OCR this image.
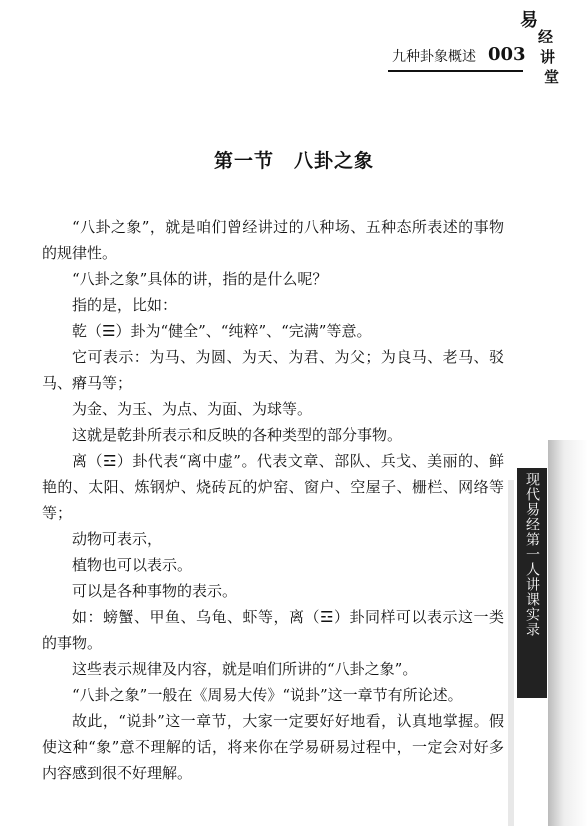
易
经
讲
堂
九种卦象概述 003
第一节　八卦之象

“八卦之象”，就是咱们曾经讲过的八种场、五种态所表述的事物的规律性。

“八卦之象”具体的讲，指的是什么呢？

指的是，比如：

乾（☰）卦为“健全”、“纯粹”、“完满”等意。

它可表示：为马、为圆、为天、为君、为父；为良马、老马、驳马、瘠马等；

为金、为玉、为点、为面、为球等。

这就是乾卦所表示和反映的各种类型的部分事物。

离（☲）卦代表“离中虚”。代表文章、部队、兵戈、美丽的、鲜艳的、太阳、炼钢炉、烧砖瓦的炉窑、窗户、空屋子、栅栏、网络等等；

动物可表示，

植物也可以表示。

可以是各种事物的表示。

如：螃蟹、甲鱼、乌龟、虾等，离（☲）卦同样可以表示这一类的事物。

这些表示规律及内容，就是咱们所讲的“八卦之象”。

“八卦之象”一般在《周易大传》“说卦”这一章节有所论述。

故此，“说卦”这一章节，大家一定要好好地看，认真地掌握。假使这种“象”意不理解的话，将来你在学易研易过程中，一定会对好多内容感到很不好理解。

现代易经第一人讲课实录
